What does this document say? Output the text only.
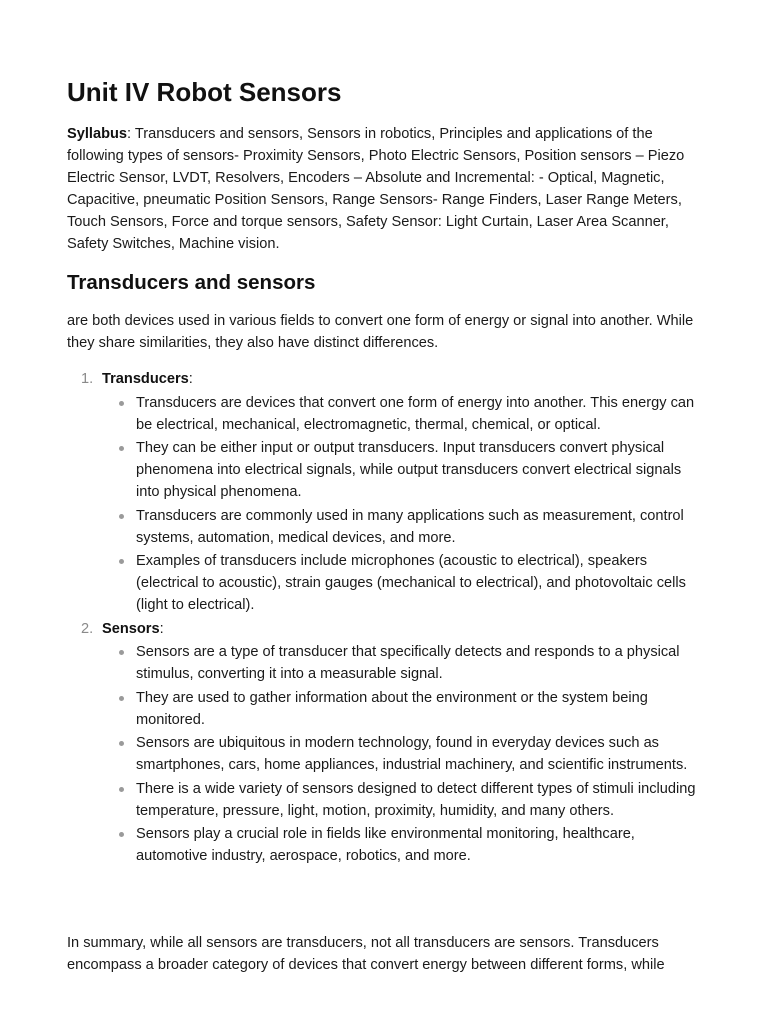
Unit IV Robot Sensors

Syllabus: Transducers and sensors, Sensors in robotics, Principles and applications of the following types of sensors- Proximity Sensors, Photo Electric Sensors, Position sensors – Piezo Electric Sensor, LVDT, Resolvers, Encoders – Absolute and Incremental: - Optical, Magnetic, Capacitive, pneumatic Position Sensors, Range Sensors- Range Finders, Laser Range Meters, Touch Sensors, Force and torque sensors, Safety Sensor: Light Curtain, Laser Area Scanner, Safety Switches, Machine vision.

Transducers and sensors

are both devices used in various fields to convert one form of energy or signal into another. While they share similarities, they also have distinct differences.

1. Transducers:
Transducers are devices that convert one form of energy into another. This energy can be electrical, mechanical, electromagnetic, thermal, chemical, or optical.
They can be either input or output transducers. Input transducers convert physical phenomena into electrical signals, while output transducers convert electrical signals into physical phenomena.
Transducers are commonly used in many applications such as measurement, control systems, automation, medical devices, and more.
Examples of transducers include microphones (acoustic to electrical), speakers (electrical to acoustic), strain gauges (mechanical to electrical), and photovoltaic cells (light to electrical).
2. Sensors:
Sensors are a type of transducer that specifically detects and responds to a physical stimulus, converting it into a measurable signal.
They are used to gather information about the environment or the system being monitored.
Sensors are ubiquitous in modern technology, found in everyday devices such as smartphones, cars, home appliances, industrial machinery, and scientific instruments.
There is a wide variety of sensors designed to detect different types of stimuli including temperature, pressure, light, motion, proximity, humidity, and many others.
Sensors play a crucial role in fields like environmental monitoring, healthcare, automotive industry, aerospace, robotics, and more.

In summary, while all sensors are transducers, not all transducers are sensors. Transducers encompass a broader category of devices that convert energy between different forms, while
